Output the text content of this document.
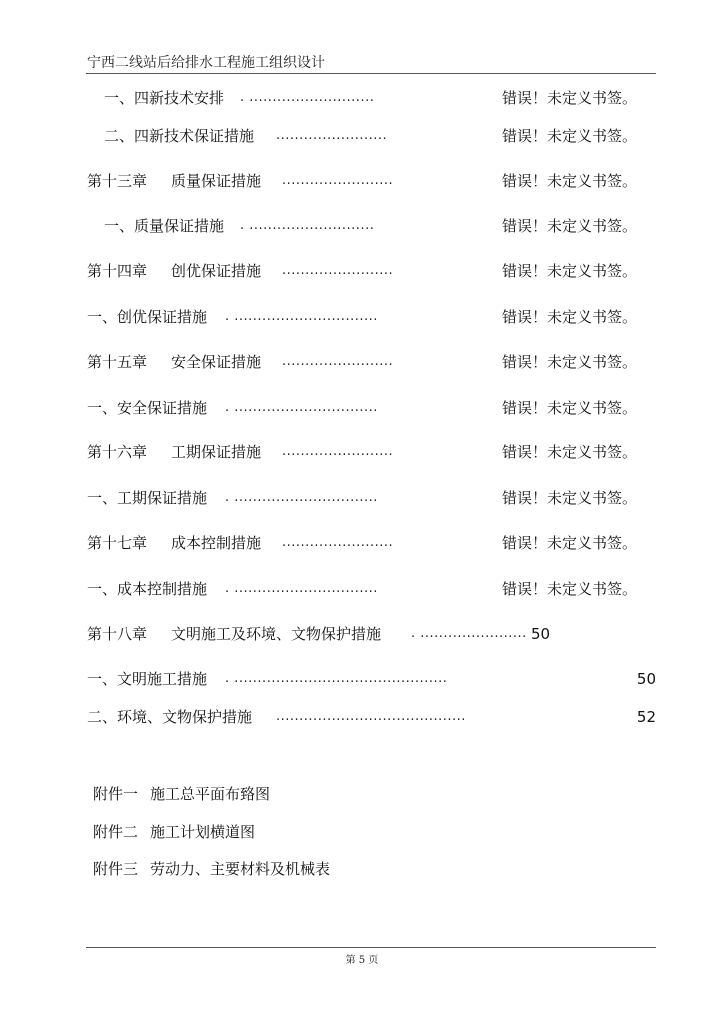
宁西二线站后给排水工程施工组织设计
一、四新技术安排 . ...........................	错误！未定义书签。
二、四新技术保证措施 ........................	错误！未定义书签。
第十三章 质量保证措施 ........................	错误！未定义书签。
一、质量保证措施 . ...........................	错误！未定义书签。
第十四章 创优保证措施 ........................	错误！未定义书签。
一、创优保证措施 . ...............................	错误！未定义书签。
第十五章 安全保证措施 ........................	错误！未定义书签。
一、安全保证措施 . ...............................	错误！未定义书签。
第十六章 工期保证措施 ........................	错误！未定义书签。
一、工期保证措施 . ...............................	错误！未定义书签。
第十七章 成本控制措施 ........................	错误！未定义书签。
一、成本控制措施 . ...............................	错误！未定义书签。
第十八章 文明施工及环境、文物保护措施 . ....................... 50
一、文明施工措施 . ..............................................	50
二、环境、文物保护措施 .........................................	52
附件一 施工总平面布臵图
附件二 施工计划横道图
附件三 劳动力、主要材料及机械表
第 5 页
